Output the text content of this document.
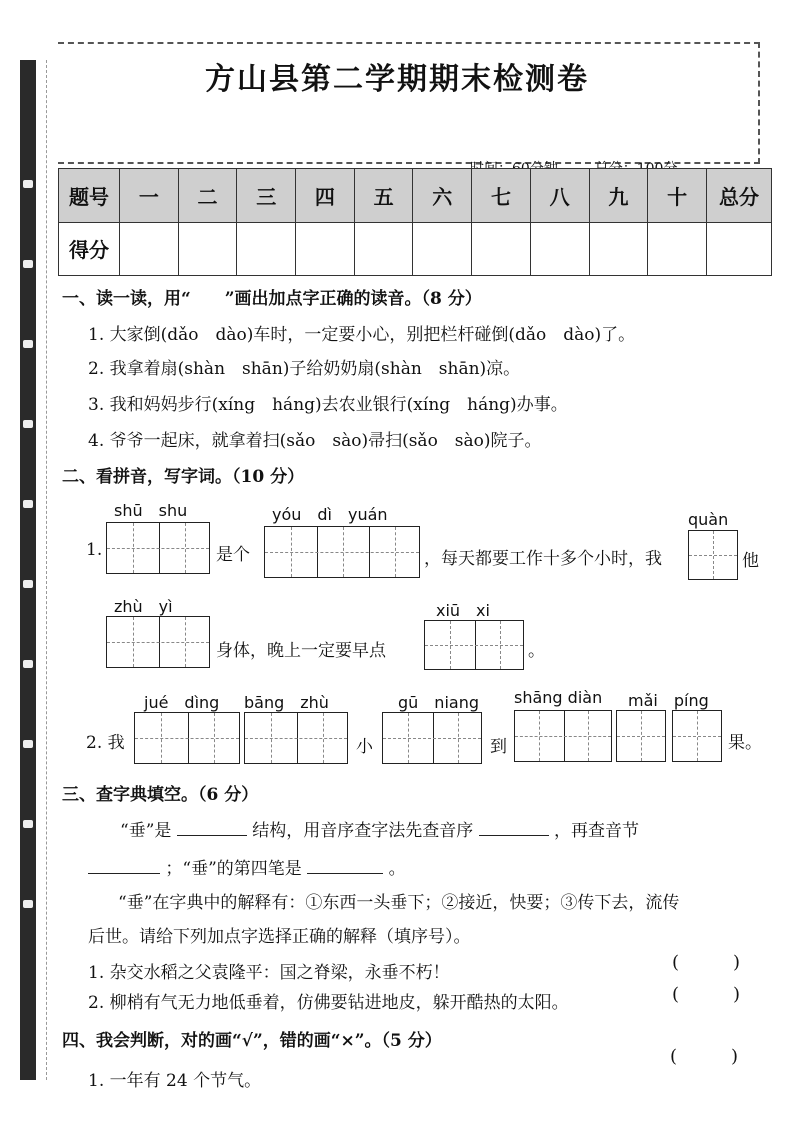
方山县第二学期期末检测卷
题号	一	二	三	四	五	六	七	八	九	十	总分
得分											
一、读一读，用“　　”画出加点字正确的读音。（8 分）
1. 大家倒(dǎo　dào)车时，一定要小心，别把栏杆碰倒(dǎo　dào)了。
2. 我拿着扇(shàn　shān)子给奶奶扇(shàn　shān)凉。
3. 我和妈妈步行(xíng　háng)去农业银行(xíng　háng)办事。
4. 爷爷一起床，就拿着扫(sǎo　sào)帚扫(sǎo　sào)院子。
二、看拼音，写字词。（10 分）
shū　shu	yóu　dì　yuán	quàn
1.	是个	，每天都要工作十多个小时，我	他
zhù　yì	xiū　xi
身体，晚上一定要早点	。
jué　dìng bāng　zhù	gū　niang shāng diàn mǎi　píng
2. 我	小	到	果。
三、查字典填空。（6 分）
“垂”是	结构，用音序查字法先查音序	，再查音节
；“垂”的第四笔是	。
“垂”在字典中的解释有：①东西一头垂下；②接近，快要；③传下去，流传
后世。请给下列加点字选择正确的解释（填序号）。
1. 杂交水稻之父袁隆平：国之脊梁，永垂不朽！	(　　　)
2. 柳梢有气无力地低垂着，仿佛要钻进地皮，躲开酷热的太阳。	(　　　)
四、我会判断，对的画“√”，错的画“×”。（5 分）
(　　　)
1. 一年有 24 个节气。
